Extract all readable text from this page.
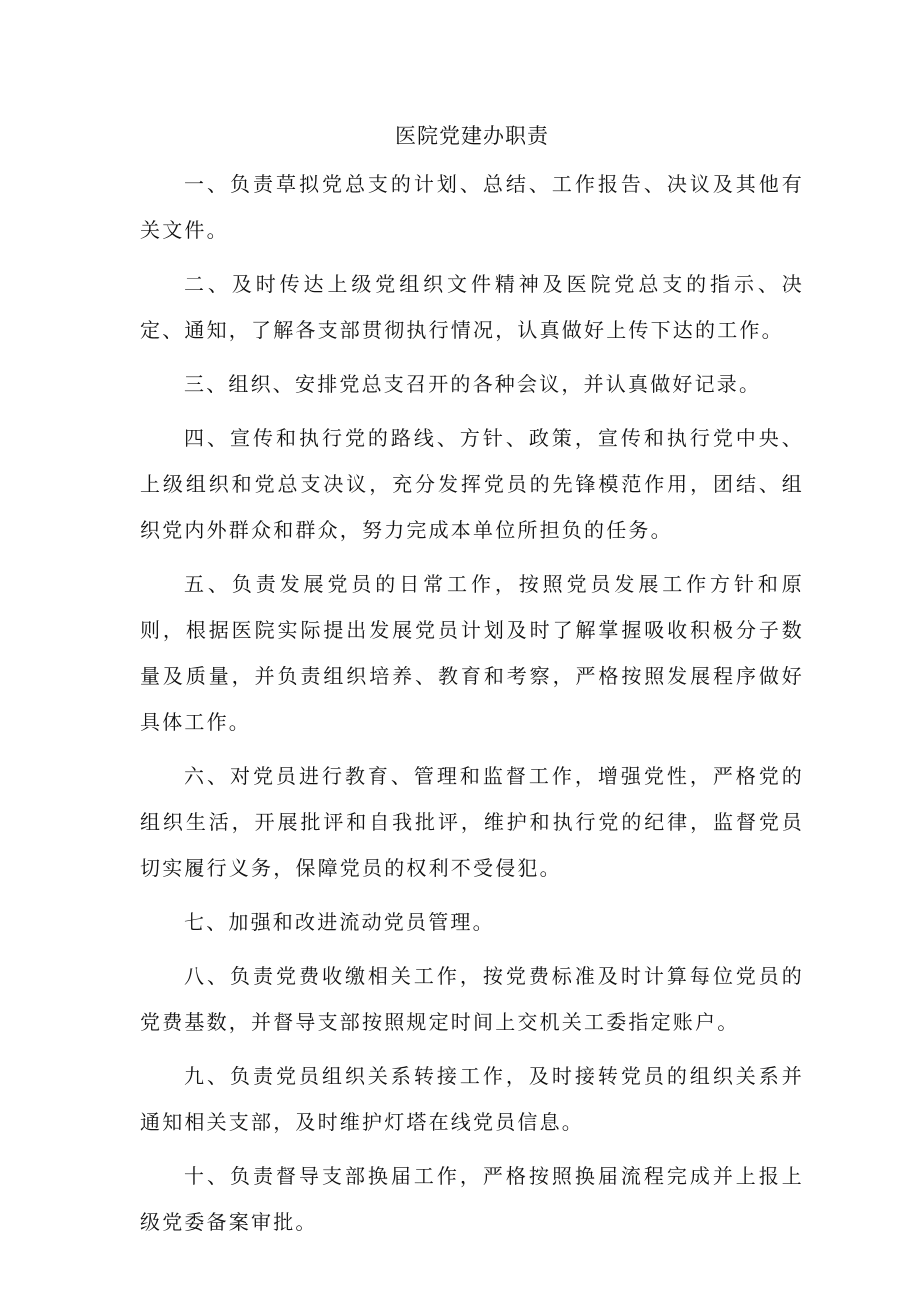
医院党建办职责

一、负责草拟党总支的计划、总结、工作报告、决议及其他有关文件。

二、及时传达上级党组织文件精神及医院党总支的指示、决定、通知，了解各支部贯彻执行情况，认真做好上传下达的工作。

三、组织、安排党总支召开的各种会议，并认真做好记录。

四、宣传和执行党的路线、方针、政策，宣传和执行党中央、上级组织和党总支决议，充分发挥党员的先锋模范作用，团结、组织党内外群众和群众，努力完成本单位所担负的任务。

五、负责发展党员的日常工作，按照党员发展工作方针和原则，根据医院实际提出发展党员计划及时了解掌握吸收积极分子数量及质量，并负责组织培养、教育和考察，严格按照发展程序做好具体工作。

六、对党员进行教育、管理和监督工作，增强党性，严格党的组织生活，开展批评和自我批评，维护和执行党的纪律，监督党员切实履行义务，保障党员的权利不受侵犯。

七、加强和改进流动党员管理。

八、负责党费收缴相关工作，按党费标准及时计算每位党员的党费基数，并督导支部按照规定时间上交机关工委指定账户。

九、负责党员组织关系转接工作，及时接转党员的组织关系并通知相关支部，及时维护灯塔在线党员信息。

十、负责督导支部换届工作，严格按照换届流程完成并上报上级党委备案审批。
